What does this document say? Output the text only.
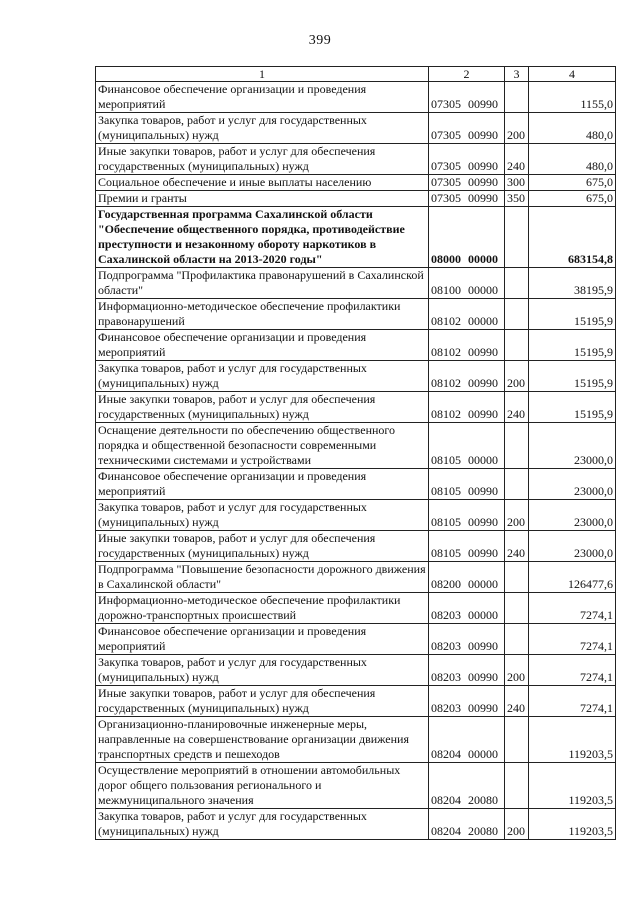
399
1	2	3	4
Финансовое обеспечение организации и проведения мероприятий	07305 00990		1155,0
Закупка товаров, работ и услуг для государственных (муниципальных) нужд	07305 00990	200	480,0
Иные закупки товаров, работ и услуг для обеспечения государственных (муниципальных) нужд	07305 00990	240	480,0
Социальное обеспечение и иные выплаты населению	07305 00990	300	675,0
Премии и гранты	07305 00990	350	675,0
Государственная программа Сахалинской области "Обеспечение общественного порядка, противодействие преступности и незаконному обороту наркотиков в Сахалинской области на 2013-2020 годы"	08000 00000		683154,8
Подпрограмма "Профилактика правонарушений в Сахалинской области"	08100 00000		38195,9
Информационно-методическое обеспечение профилактики правонарушений	08102 00000		15195,9
Финансовое обеспечение организации и проведения мероприятий	08102 00990		15195,9
Закупка товаров, работ и услуг для государственных (муниципальных) нужд	08102 00990	200	15195,9
Иные закупки товаров, работ и услуг для обеспечения государственных (муниципальных) нужд	08102 00990	240	15195,9
Оснащение деятельности по обеспечению общественного порядка и общественной безопасности современными техническими системами и устройствами	08105 00000		23000,0
Финансовое обеспечение организации и проведения мероприятий	08105 00990		23000,0
Закупка товаров, работ и услуг для государственных (муниципальных) нужд	08105 00990	200	23000,0
Иные закупки товаров, работ и услуг для обеспечения государственных (муниципальных) нужд	08105 00990	240	23000,0
Подпрограмма "Повышение безопасности дорожного движения в Сахалинской области"	08200 00000		126477,6
Информационно-методическое обеспечение профилактики дорожно-транспортных происшествий	08203 00000		7274,1
Финансовое обеспечение организации и проведения мероприятий	08203 00990		7274,1
Закупка товаров, работ и услуг для государственных (муниципальных) нужд	08203 00990	200	7274,1
Иные закупки товаров, работ и услуг для обеспечения государственных (муниципальных) нужд	08203 00990	240	7274,1
Организационно-планировочные инженерные меры, направленные на совершенствование организации движения транспортных средств и пешеходов	08204 00000		119203,5
Осуществление мероприятий в отношении автомобильных дорог общего пользования регионального и межмуниципального значения	08204 20080		119203,5
Закупка товаров, работ и услуг для государственных (муниципальных) нужд	08204 20080	200	119203,5
